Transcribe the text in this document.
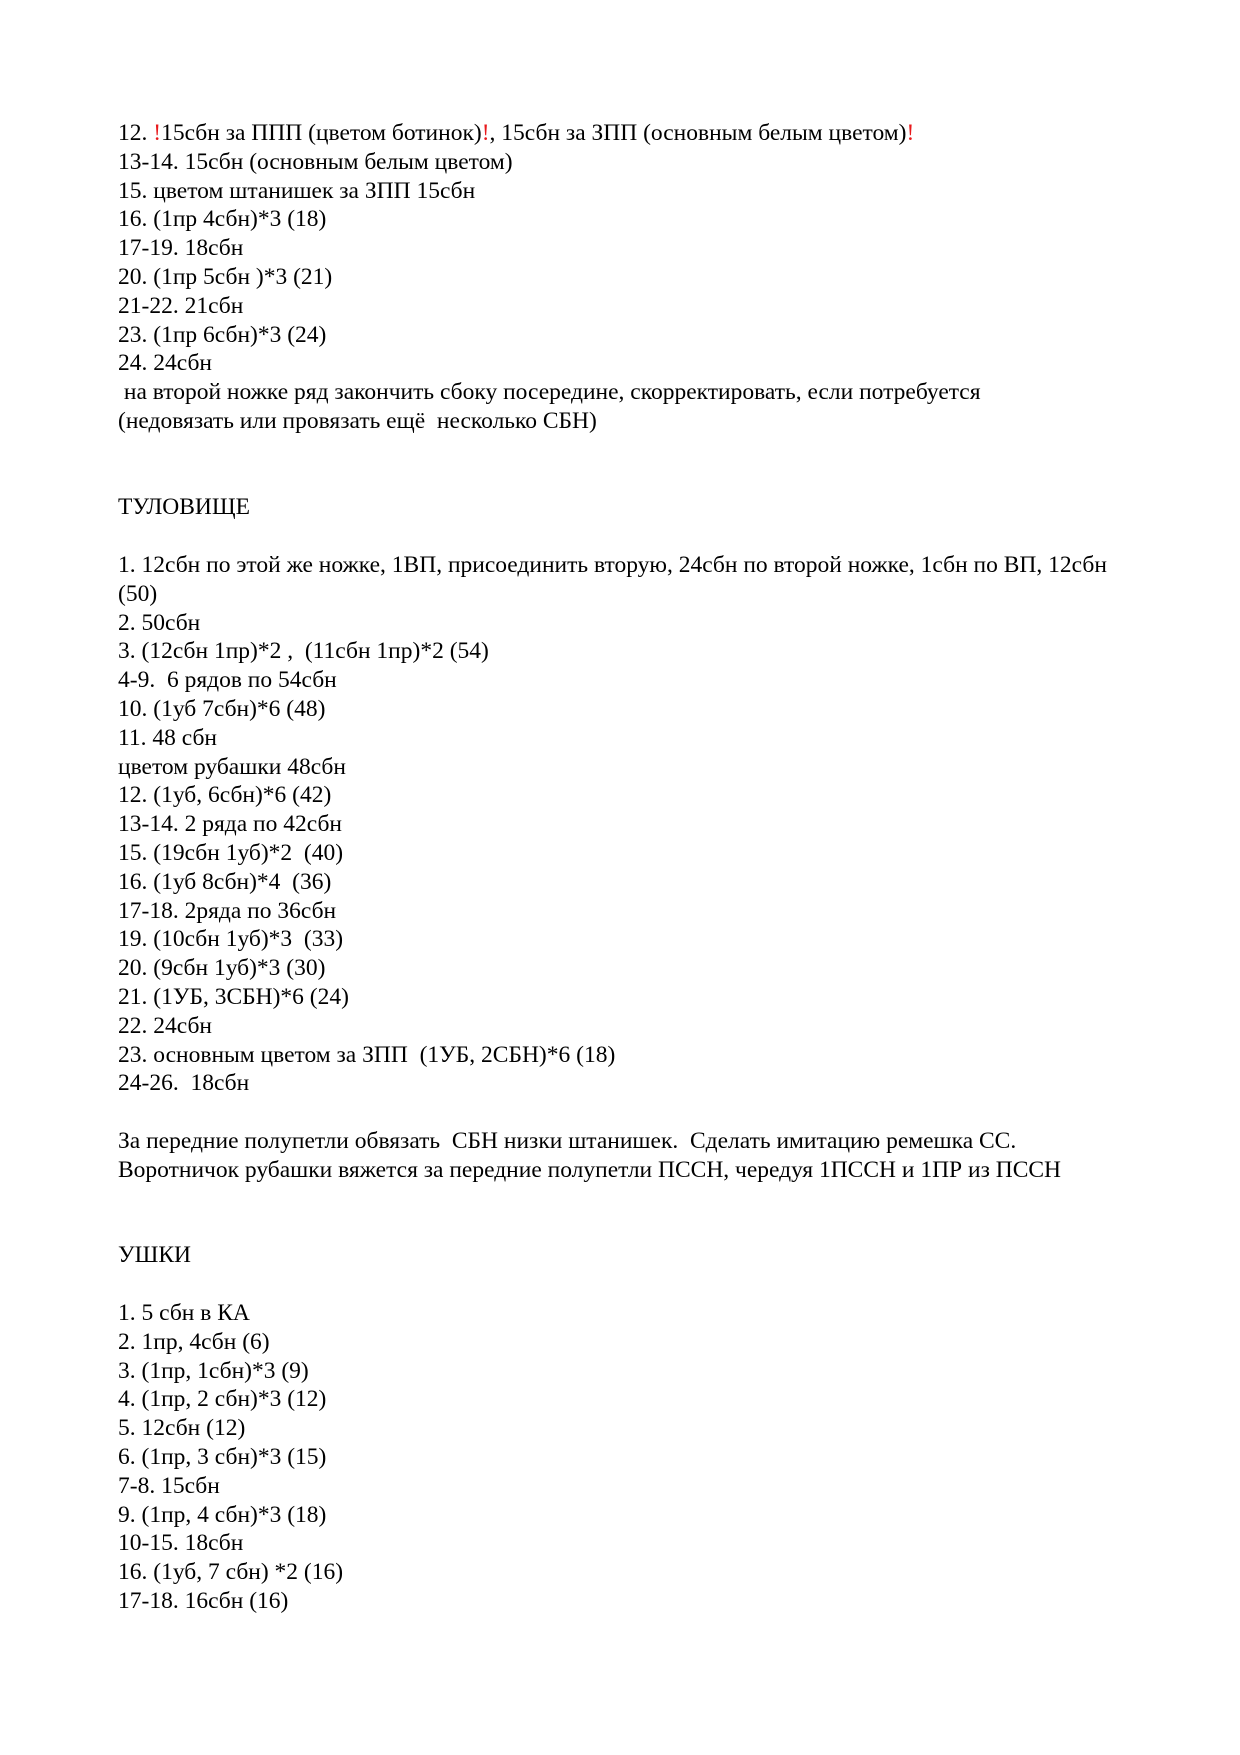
12. !15сбн за ППП (цветом ботинок)!, 15сбн за ЗПП (основным белым цветом)!
13-14. 15сбн (основным белым цветом)
15. цветом штанишек за ЗПП 15сбн
16. (1пр 4сбн)*3 (18)
17-19. 18сбн
20. (1пр 5сбн )*3 (21)
21-22. 21сбн
23. (1пр 6сбн)*3 (24)
24. 24сбн
на второй ножке ряд закончить сбоку посередине, скорректировать, если потребуется
(недовязать или провязать ещё  несколько СБН)
ТУЛОВИЩЕ
1. 12сбн по этой же ножке, 1ВП, присоединить вторую, 24сбн по второй ножке, 1сбн по ВП, 12сбн (50)
2. 50сбн
3. (12сбн 1пр)*2 ,  (11сбн 1пр)*2 (54)
4-9.  6 рядов по 54сбн
10. (1уб 7сбн)*6 (48)
11. 48 сбн
цветом рубашки 48сбн
12. (1уб, 6сбн)*6 (42)
13-14. 2 ряда по 42сбн
15. (19сбн 1уб)*2  (40)
16. (1уб 8сбн)*4  (36)
17-18. 2ряда по 36сбн
19. (10сбн 1уб)*3  (33)
20. (9сбн 1уб)*3 (30)
21. (1УБ, 3СБН)*6 (24)
22. 24сбн
23. основным цветом за ЗПП  (1УБ, 2СБН)*6 (18)
24-26.  18сбн
За передние полупетли обвязать  СБН низки штанишек.  Сделать имитацию ремешка СС.
Воротничок рубашки вяжется за передние полупетли ПССН, чередуя 1ПССН и 1ПР из ПССН
УШКИ
1. 5 сбн в КА
2. 1пр, 4сбн (6)
3. (1пр, 1сбн)*3 (9)
4. (1пр, 2 сбн)*3 (12)
5. 12сбн (12)
6. (1пр, 3 сбн)*3 (15)
7-8. 15сбн
9. (1пр, 4 сбн)*3 (18)
10-15. 18сбн
16. (1уб, 7 сбн) *2 (16)
17-18. 16сбн (16)
